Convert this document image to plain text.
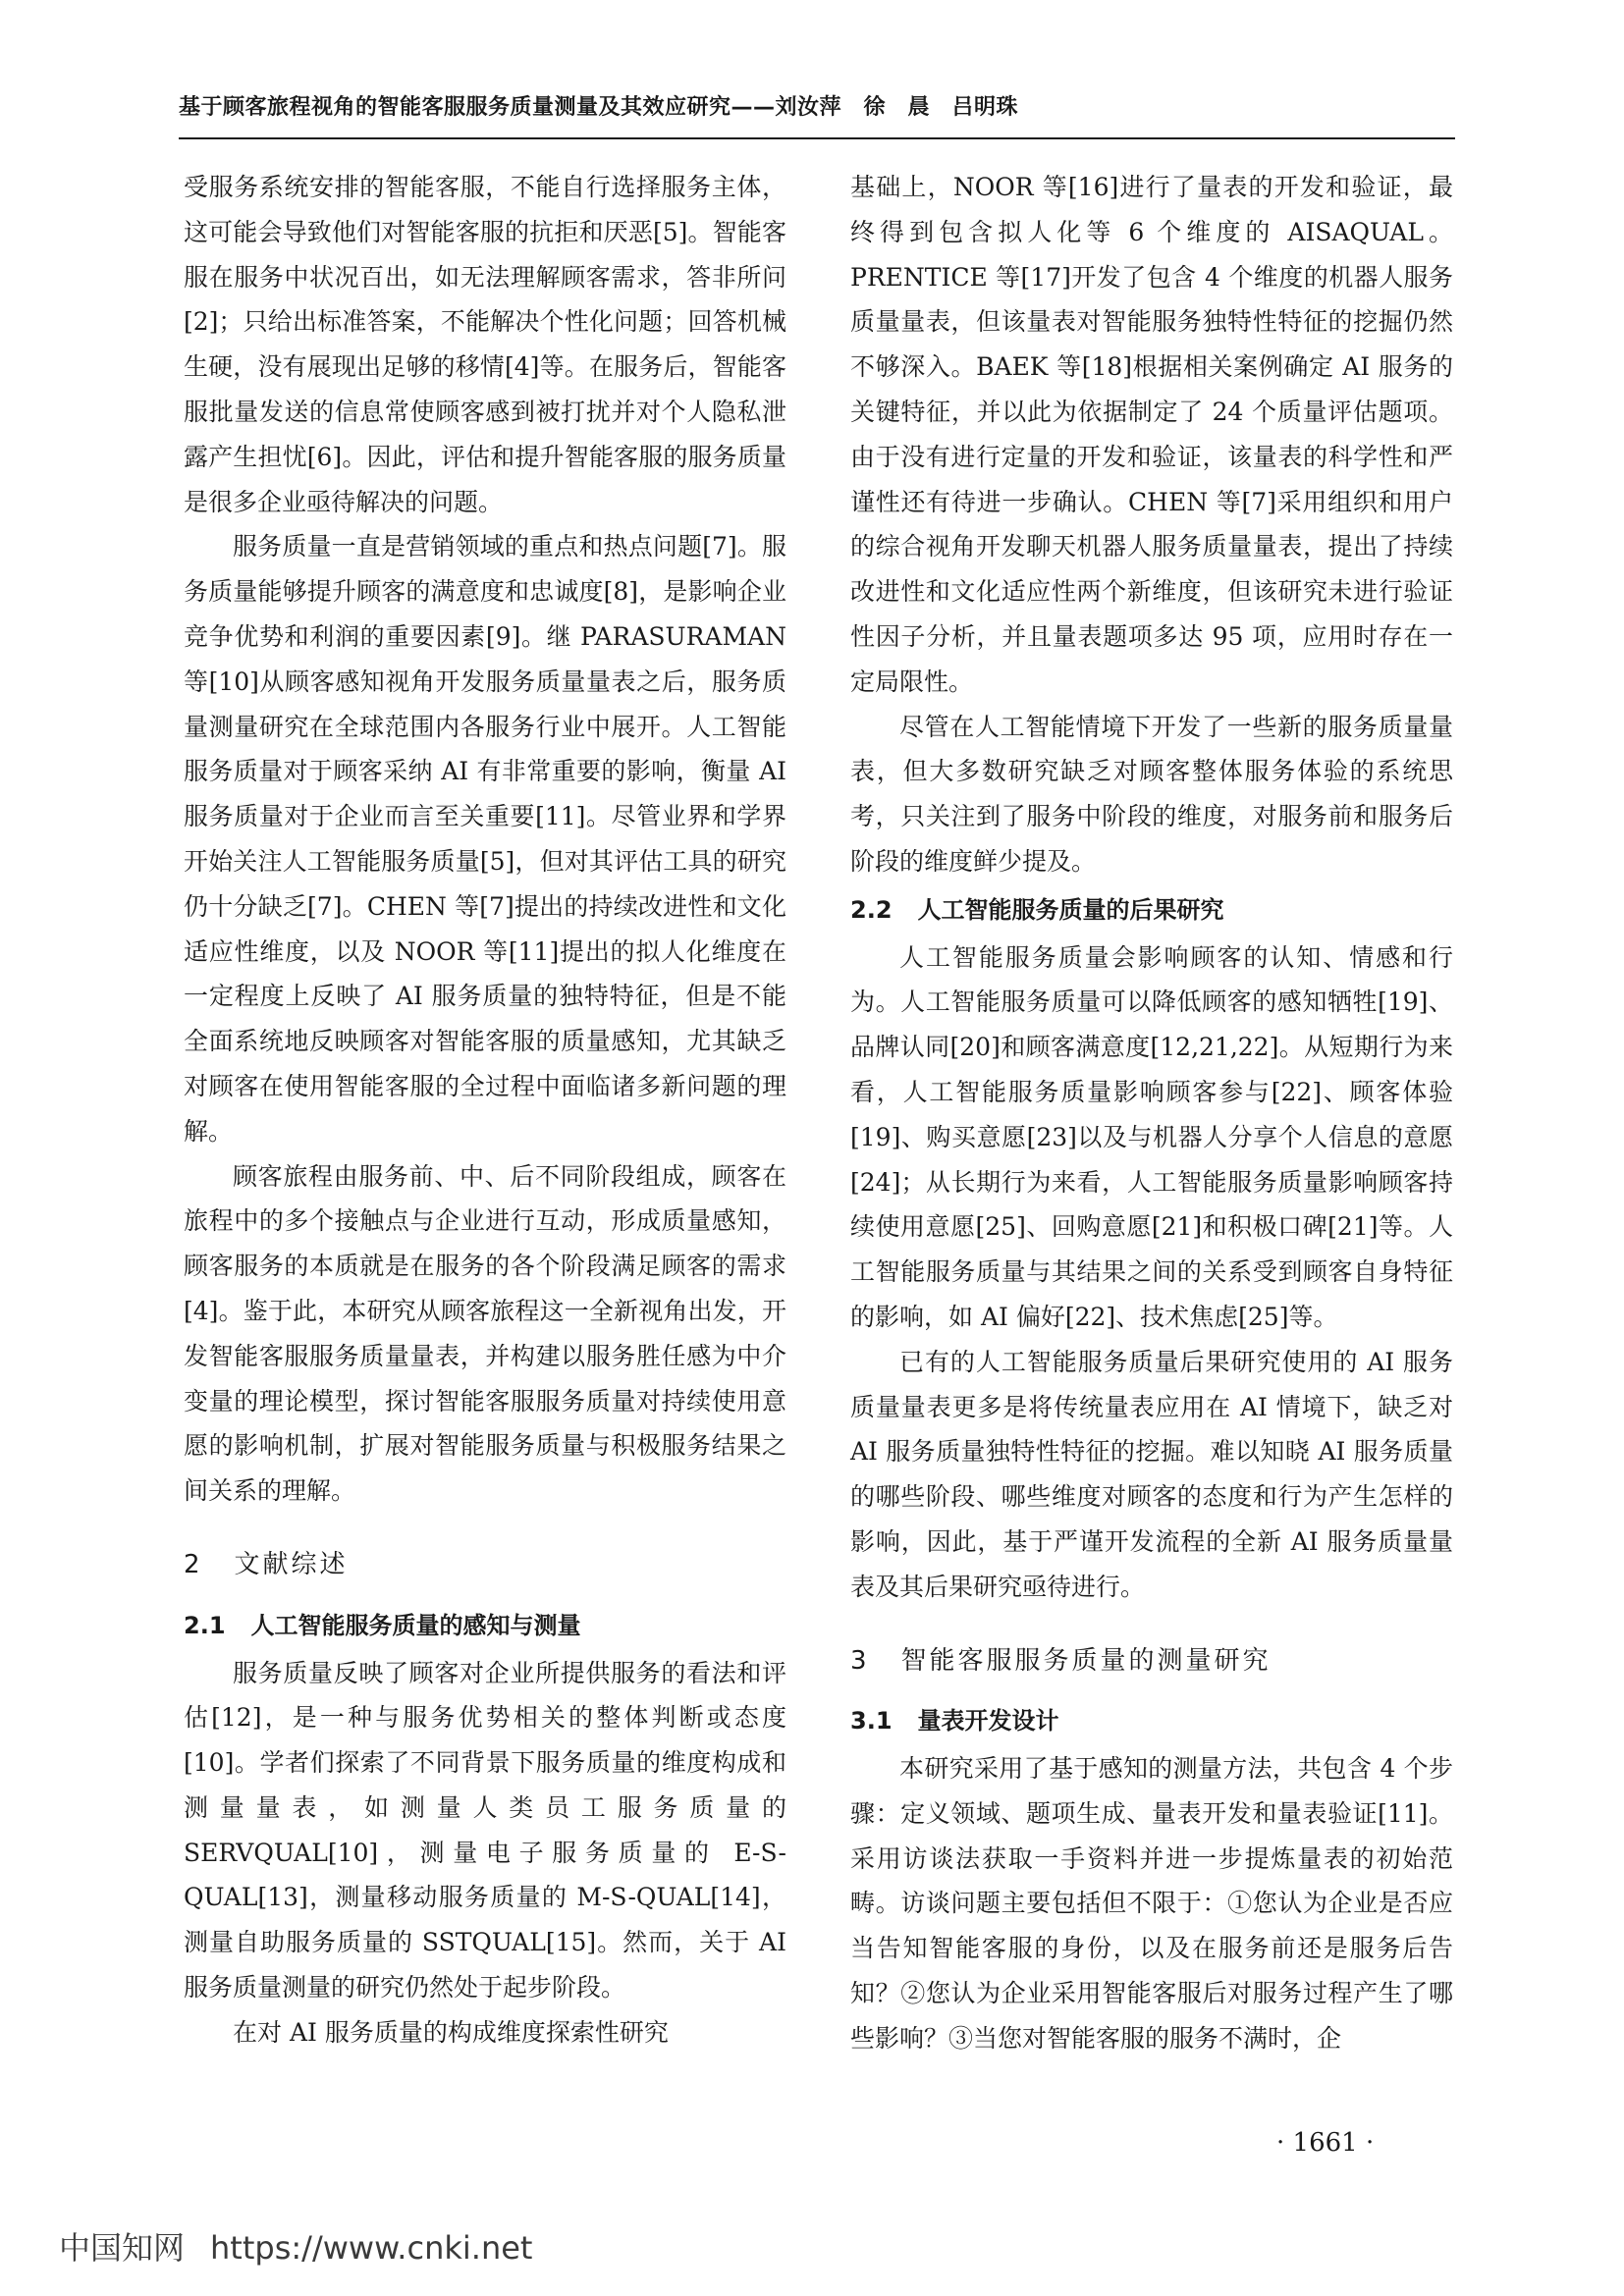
基于顾客旅程视角的智能客服服务质量测量及其效应研究——刘汝萍　徐　晨　吕明珠

受服务系统安排的智能客服，不能自行选择服务主体，这可能会导致他们对智能客服的抗拒和厌恶[5]。智能客服在服务中状况百出，如无法理解顾客需求，答非所问[2]；只给出标准答案，不能解决个性化问题；回答机械生硬，没有展现出足够的移情[4]等。在服务后，智能客服批量发送的信息常使顾客感到被打扰并对个人隐私泄露产生担忧[6]。因此，评估和提升智能客服的服务质量是很多企业亟待解决的问题。

服务质量一直是营销领域的重点和热点问题[7]。服务质量能够提升顾客的满意度和忠诚度[8]，是影响企业竞争优势和利润的重要因素[9]。继 PARASURAMAN 等[10]从顾客感知视角开发服务质量量表之后，服务质量测量研究在全球范围内各服务行业中展开。人工智能服务质量对于顾客采纳 AI 有非常重要的影响，衡量 AI 服务质量对于企业而言至关重要[11]。尽管业界和学界开始关注人工智能服务质量[5]，但对其评估工具的研究仍十分缺乏[7]。CHEN 等[7]提出的持续改进性和文化适应性维度，以及 NOOR 等[11]提出的拟人化维度在一定程度上反映了 AI 服务质量的独特特征，但是不能全面系统地反映顾客对智能客服的质量感知，尤其缺乏对顾客在使用智能客服的全过程中面临诸多新问题的理解。

顾客旅程由服务前、中、后不同阶段组成，顾客在旅程中的多个接触点与企业进行互动，形成质量感知，顾客服务的本质就是在服务的各个阶段满足顾客的需求[4]。鉴于此，本研究从顾客旅程这一全新视角出发，开发智能客服服务质量量表，并构建以服务胜任感为中介变量的理论模型，探讨智能客服服务质量对持续使用意愿的影响机制，扩展对智能服务质量与积极服务结果之间关系的理解。

2 文献综述
2.1 人工智能服务质量的感知与测量

服务质量反映了顾客对企业所提供服务的看法和评估[12]，是一种与服务优势相关的整体判断或态度[10]。学者们探索了不同背景下服务质量的维度构成和测量量表，如测量人类员工服务质量的 SERVQUAL[10]，测量电子服务质量的 E-S-QUAL[13]，测量移动服务质量的 M-S-QUAL[14]，测量自助服务质量的 SSTQUAL[15]。然而，关于 AI 服务质量测量的研究仍然处于起步阶段。

在对 AI 服务质量的构成维度探索性研究

基础上，NOOR 等[16]进行了量表的开发和验证，最终得到包含拟人化等 6 个维度的 AISAQUAL。PRENTICE 等[17]开发了包含 4 个维度的机器人服务质量量表，但该量表对智能服务独特性特征的挖掘仍然不够深入。BAEK 等[18]根据相关案例确定 AI 服务的关键特征，并以此为依据制定了 24 个质量评估题项。由于没有进行定量的开发和验证，该量表的科学性和严谨性还有待进一步确认。CHEN 等[7]采用组织和用户的综合视角开发聊天机器人服务质量量表，提出了持续改进性和文化适应性两个新维度，但该研究未进行验证性因子分析，并且量表题项多达 95 项，应用时存在一定局限性。

尽管在人工智能情境下开发了一些新的服务质量量表，但大多数研究缺乏对顾客整体服务体验的系统思考，只关注到了服务中阶段的维度，对服务前和服务后阶段的维度鲜少提及。

2.2 人工智能服务质量的后果研究

人工智能服务质量会影响顾客的认知、情感和行为。人工智能服务质量可以降低顾客的感知牺牲[19]、品牌认同[20]和顾客满意度[12,21,22]。从短期行为来看，人工智能服务质量影响顾客参与[22]、顾客体验[19]、购买意愿[23]以及与机器人分享个人信息的意愿[24]；从长期行为来看，人工智能服务质量影响顾客持续使用意愿[25]、回购意愿[21]和积极口碑[21]等。人工智能服务质量与其结果之间的关系受到顾客自身特征的影响，如 AI 偏好[22]、技术焦虑[25]等。

已有的人工智能服务质量后果研究使用的 AI 服务质量量表更多是将传统量表应用在 AI 情境下，缺乏对 AI 服务质量独特性特征的挖掘。难以知晓 AI 服务质量的哪些阶段、哪些维度对顾客的态度和行为产生怎样的影响，因此，基于严谨开发流程的全新 AI 服务质量量表及其后果研究亟待进行。

3 智能客服服务质量的测量研究
3.1 量表开发设计

本研究采用了基于感知的测量方法，共包含 4 个步骤：定义领域、题项生成、量表开发和量表验证[11]。采用访谈法获取一手资料并进一步提炼量表的初始范畴。访谈问题主要包括但不限于：①您认为企业是否应当告知智能客服的身份，以及在服务前还是服务后告知？②您认为企业采用智能客服后对服务过程产生了哪些影响？③当您对智能客服的服务不满时，企

· 1661 ·
中国知网 https://www.cnki.net
